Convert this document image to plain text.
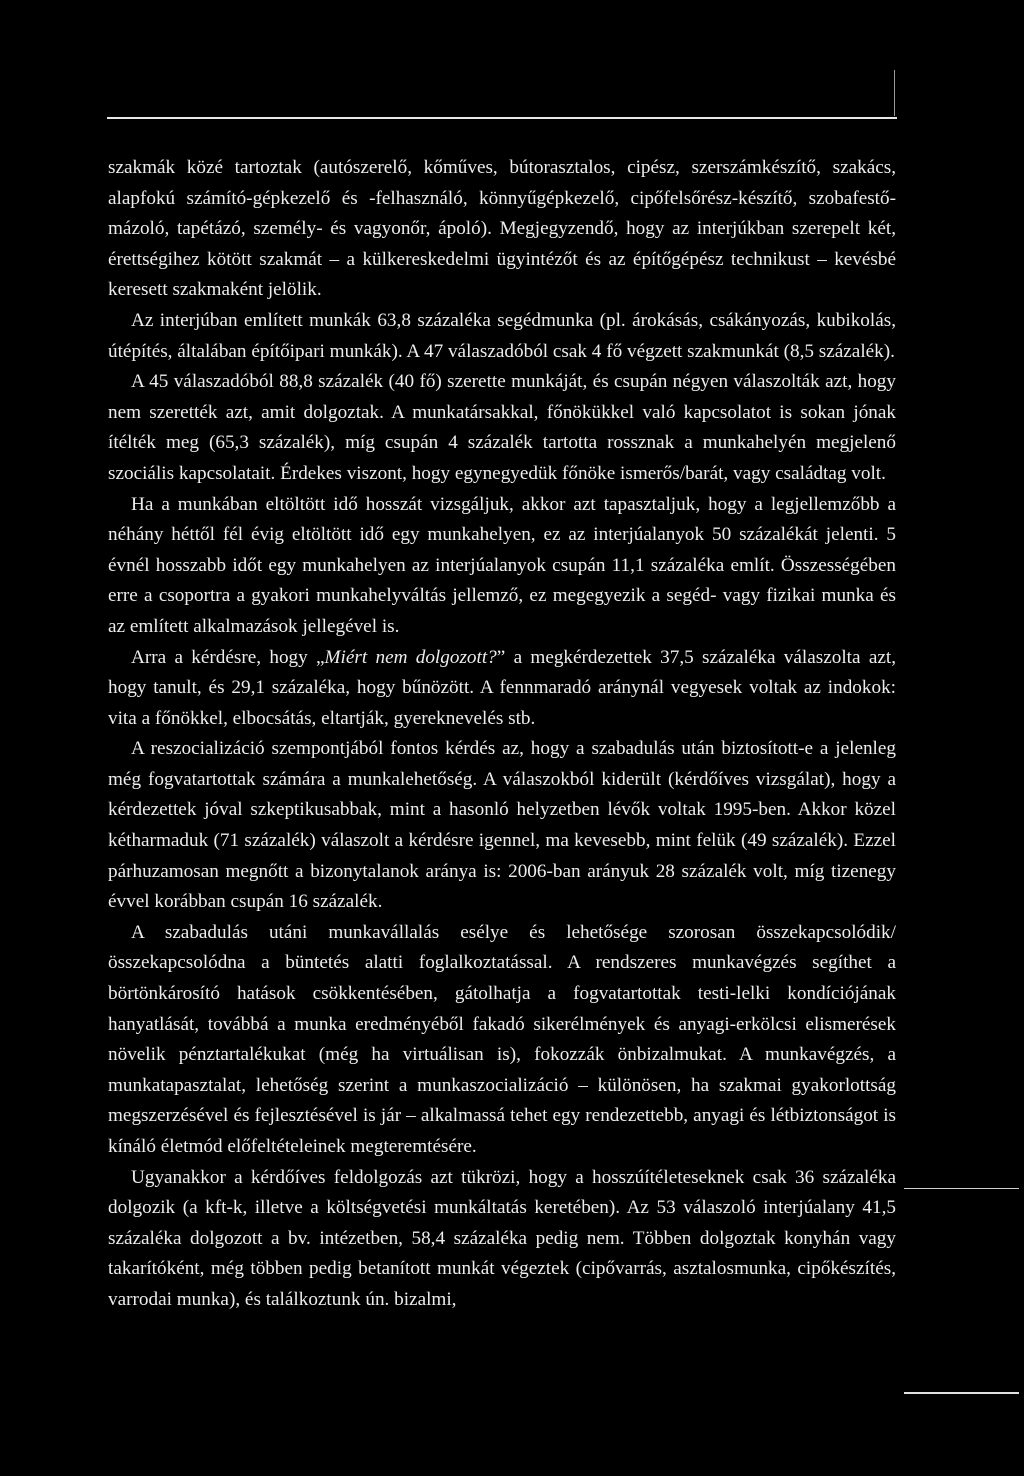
szakmák közé tartoztak (autószerelő, kőműves, bútorasztalos, cipész, szerszámkészítő, szakács, alapfokú számító-gépkezelő és -felhasználó, könnyűgépkezelő, cipőfelsőrész-készítő, szobafestő-mázoló, tapétázó, személy- és vagyonőr, ápoló). Megjegyzendő, hogy az interjúkban szerepelt két, érettségihez kötött szakmát – a külkereskedelmi ügyintézőt és az építőgépész technikust – kevésbé keresett szakmaként jelölik.

Az interjúban említett munkák 63,8 százaléka segédmunka (pl. árokásás, csákányozás, kubikolás, útépítés, általában építőipari munkák). A 47 válaszadóból csak 4 fő végzett szakmunkát (8,5 százalék).

A 45 válaszadóból 88,8 százalék (40 fő) szerette munkáját, és csupán négyen válaszolták azt, hogy nem szerették azt, amit dolgoztak. A munkatársakkal, főnökükkel való kapcsolatot is sokan jónak ítélték meg (65,3 százalék), míg csupán 4 százalék tartotta rossznak a munkahelyén megjelenő szociális kapcsolatait. Érdekes viszont, hogy egynegyedük főnöke ismerős/barát, vagy családtag volt.

Ha a munkában eltöltött idő hosszát vizsgáljuk, akkor azt tapasztaljuk, hogy a legjellemzőbb a néhány héttől fél évig eltöltött idő egy munkahelyen, ez az interjúalanyok 50 százalékát jelenti. 5 évnél hosszabb időt egy munkahelyen az interjúalanyok csupán 11,1 százaléka említ. Összességében erre a csoportra a gyakori munkahelyváltás jellemző, ez megegyezik a segéd- vagy fizikai munka és az említett alkalmazások jellegével is.

Arra a kérdésre, hogy „Miért nem dolgozott?” a megkérdezettek 37,5 százaléka válaszolta azt, hogy tanult, és 29,1 százaléka, hogy bűnözött. A fennmaradó aránynál vegyesek voltak az indokok: vita a főnökkel, elbocsátás, eltartják, gyereknevelés stb.

A reszocializáció szempontjából fontos kérdés az, hogy a szabadulás után biztosított-e a jelenleg még fogvatartottak számára a munkalehetőség. A válaszokból kiderült (kérdőíves vizsgálat), hogy a kérdezettek jóval szkeptikusabbak, mint a hasonló helyzetben lévők voltak 1995-ben. Akkor közel kétharmaduk (71 százalék) válaszolt a kérdésre igennel, ma kevesebb, mint felük (49 százalék). Ezzel párhuzamosan megnőtt a bizonytalanok aránya is: 2006-ban arányuk 28 százalék volt, míg tizenegy évvel korábban csupán 16 százalék.

A szabadulás utáni munkavállalás esélye és lehetősége szorosan összekapcsolódik/összekapcsolódna a büntetés alatti foglalkoztatással. A rendszeres munkavégzés segíthet a börtönkárosító hatások csökkentésében, gátolhatja a fogvatartottak testi-lelki kondíciójának hanyatlását, továbbá a munka eredményéből fakadó sikerélmények és anyagi-erkölcsi elismerések növelik pénztartalékukat (még ha virtuálisan is), fokozzák önbizalmukat. A munkavégzés, a munkatapasztalat, lehetőség szerint a munkaszocializáció – különösen, ha szakmai gyakorlottság megszerzésével és fejlesztésével is jár – alkalmassá tehet egy rendezettebb, anyagi és létbiztonságot is kínáló életmód előfeltételeinek megteremtésére.

Ugyanakkor a kérdőíves feldolgozás azt tükrözi, hogy a hosszúítéleteseknek csak 36 százaléka dolgozik (a kft-k, illetve a költségvetési munkáltatás keretében). Az 53 válaszoló interjúalany 41,5 százaléka dolgozott a bv. intézetben, 58,4 százaléka pedig nem. Többen dolgoztak konyhán vagy takarítóként, még többen pedig betanított munkát végeztek (cipővarrás, asztalosmunka, cipőkészítés, varrodai munka), és találkoztunk ún. bizalmi,
